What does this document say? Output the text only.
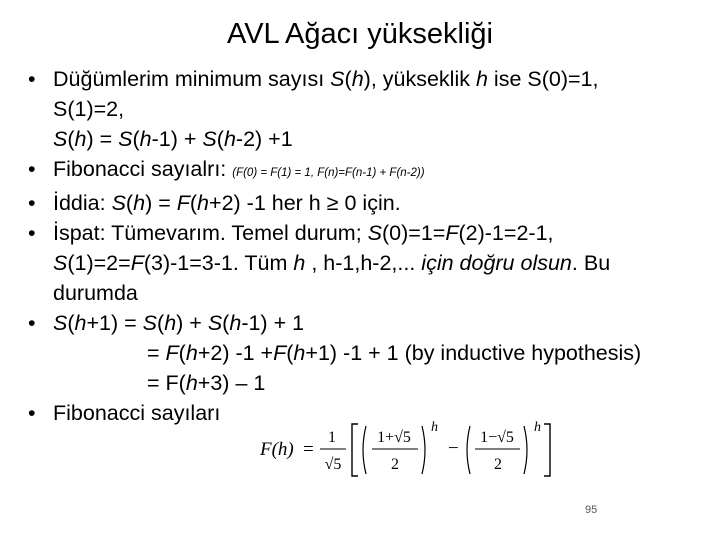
AVL Ağacı yüksekliği
• Düğümlerim minimum sayısı S(h), yükseklik h ise S(0)=1,
S(1)=2,
S(h) = S(h-1) + S(h-2) +1
• Fibonacci sayıalrı: (F(0) = F(1) = 1, F(n)=F(n-1) + F(n-2))
• İddia: S(h) = F(h+2) -1 her h ≥ 0 için.
• İspat: Tümevarım. Temel durum; S(0)=1=F(2)-1=2-1,
S(1)=2=F(3)-1=3-1. Tüm h , h-1,h-2,... için doğru olsun. Bu
durumda
• S(h+1) = S(h) + S(h-1) + 1
= F(h+2) -1 +F(h+1) -1 + 1 (by inductive hypothesis)
= F(h+3) – 1
• Fibonacci sayıları
F(h) =
1
√5
1+√5
2
h
−
1−√5
2
h
95
